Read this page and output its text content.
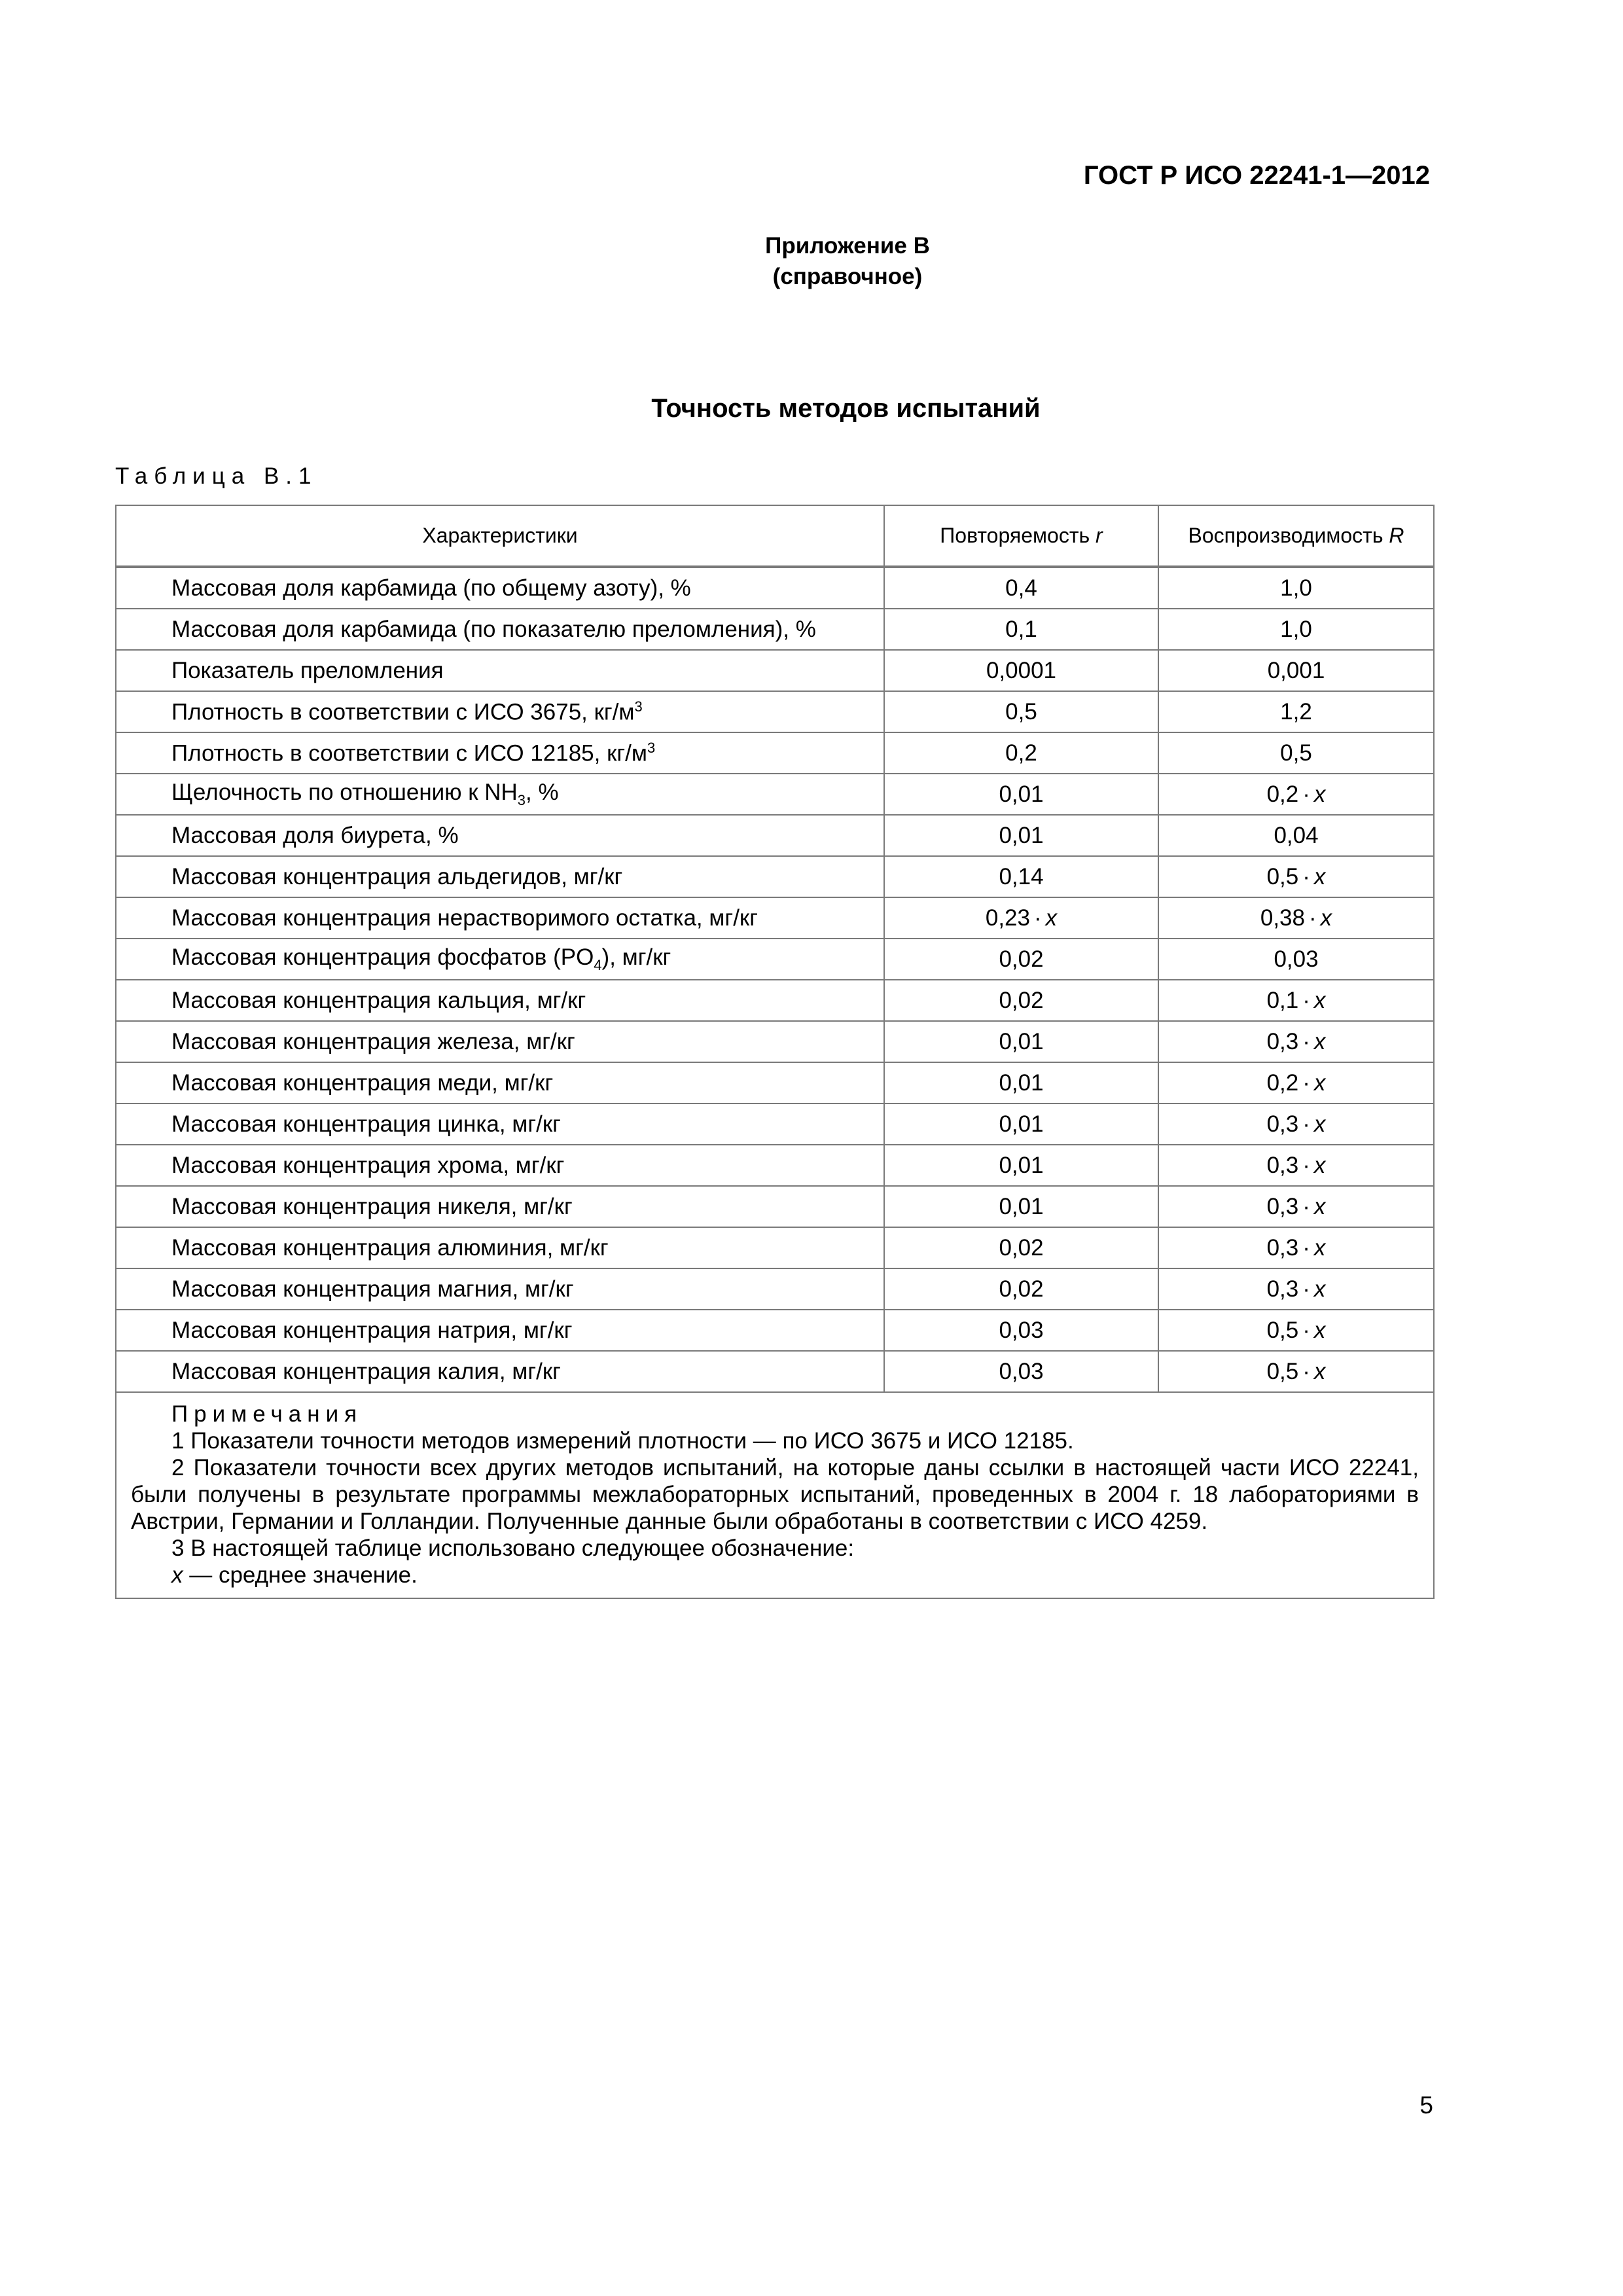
ГОСТ Р ИСО 22241-1—2012
Приложение В
(справочное)
Точность методов испытаний
Таблица В.1
Характеристики	Повторяемость r	Воспроизводимость R
Массовая доля карбамида (по общему азоту), %	0,4	1,0
Массовая доля карбамида (по показателю преломления), %	0,1	1,0
Показатель преломления	0,0001	0,001
Плотность в соответствии с ИСО 3675, $кг/м^3$	0,5	1,2
Плотность в соответствии с ИСО 12185, $кг/м^3$	0,2	0,5
Щелочность по отношению к $NH_3$, %	0,01	0,2 · x
Массовая доля биурета, %	0,01	0,04
Массовая концентрация альдегидов, мг/кг	0,14	0,5 · x
Массовая концентрация нерастворимого остатка, мг/кг	0,23 · x	0,38 · x
Массовая концентрация фосфатов $(PO_4)$, мг/кг	0,02	0,03
Массовая концентрация кальция, мг/кг	0,02	0,1 · x
Массовая концентрация железа, мг/кг	0,01	0,3 · x
Массовая концентрация меди, мг/кг	0,01	0,2 · x
Массовая концентрация цинка, мг/кг	0,01	0,3 · x
Массовая концентрация хрома, мг/кг	0,01	0,3 · x
Массовая концентрация никеля, мг/кг	0,01	0,3 · x
Массовая концентрация алюминия, мг/кг	0,02	0,3 · x
Массовая концентрация магния, мг/кг	0,02	0,3 · x
Массовая концентрация натрия, мг/кг	0,03	0,5 · x
Массовая концентрация калия, мг/кг	0,03	0,5 · x

Примечания
1 Показатели точности методов измерений плотности — по ИСО 3675 и ИСО 12185.
2 Показатели точности всех других методов испытаний, на которые даны ссылки в настоящей части ИСО 22241, были получены в результате программы межлабораторных испытаний, проведенных в 2004 г. 18 лабораториями в Австрии, Германии и Голландии. Полученные данные были обработаны в соответствии с ИСО 4259.
3 В настоящей таблице использовано следующее обозначение:
x — среднее значение.		
5
